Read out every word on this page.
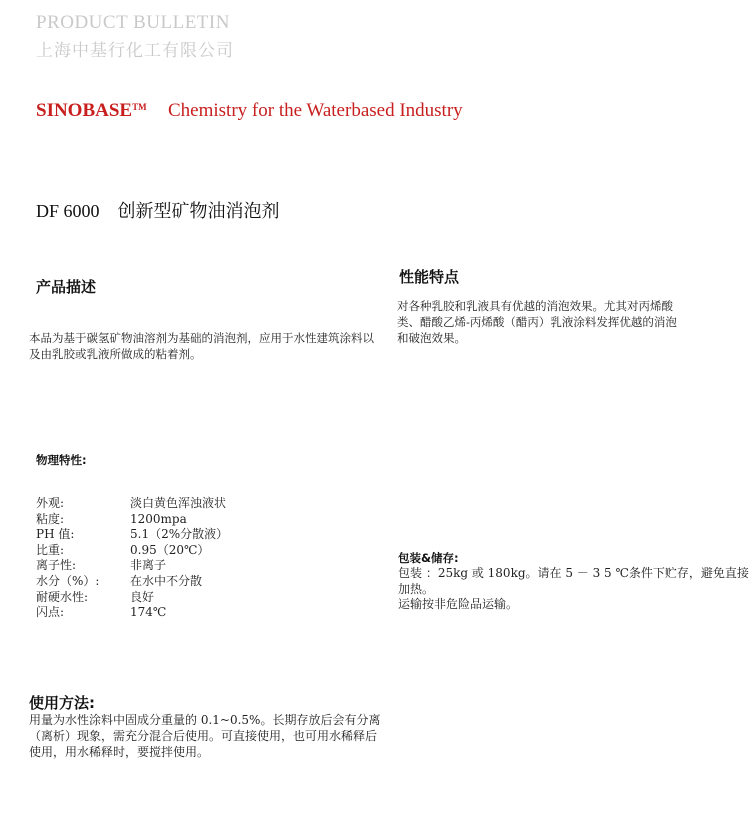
PRODUCT BULLETIN
上海中基行化工有限公司
SINOBASE™ Chemistry for the Waterbased Industry
DF 6000　创新型矿物油消泡剂
产品描述
性能特点
本品为基于碳氢矿物油溶剂为基础的消泡剂，应用于水性建筑涂料以及由乳胶或乳液所做成的粘着剂。
对各种乳胶和乳液具有优越的消泡效果。尤其对丙烯酸类、醋酸乙烯-丙烯酸（醋丙）乳液涂料发挥优越的消泡和破泡效果。
物理特性:
外观:	淡白黄色浑浊液状
粘度:	1200mpa
PH 值:	5.1（2%分散液）
比重:	0.95（20℃）
离子性:	非离子
水分（%）:	在水中不分散
耐硬水性:	良好
闪点:	174℃
包装&储存:
包装 ：25kg 或 180kg。请在 5 － 3 5 ℃条件下贮存，避免直接加热。
运输按非危险品运输。
使用方法:
用量为水性涂料中固成分重量的 0.1~0.5%。长期存放后会有分离（离析）现象，需充分混合后使用。可直接使用，也可用水稀释后使用，用水稀释时，要搅拌使用。
